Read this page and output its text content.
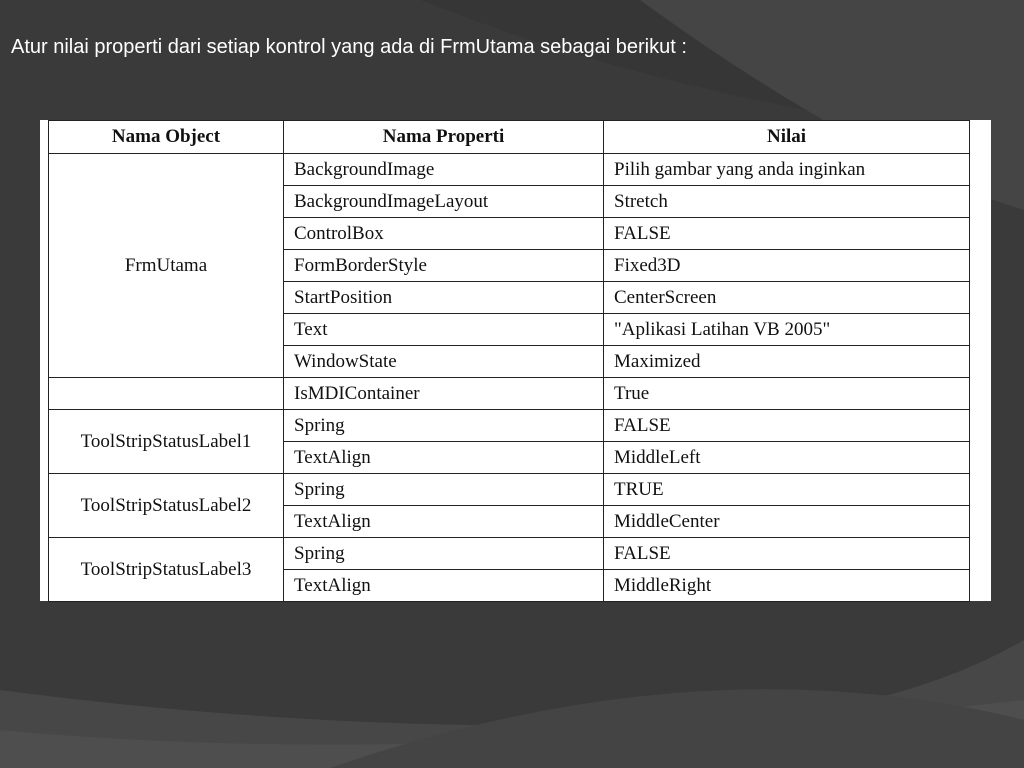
Atur nilai properti dari setiap kontrol yang ada di FrmUtama sebagai berikut :
Nama Object	Nama Properti	Nilai
FrmUtama	BackgroundImage	Pilih gambar yang anda inginkan
	BackgroundImageLayout	Stretch
	ControlBox	FALSE
	FormBorderStyle	Fixed3D
	StartPosition	CenterScreen
	Text	"Aplikasi Latihan VB 2005"
	WindowState	Maximized
	IsMDIContainer	True
ToolStripStatusLabel1	Spring	FALSE
	TextAlign	MiddleLeft
ToolStripStatusLabel2	Spring	TRUE
	TextAlign	MiddleCenter
ToolStripStatusLabel3	Spring	FALSE
	TextAlign	MiddleRight
